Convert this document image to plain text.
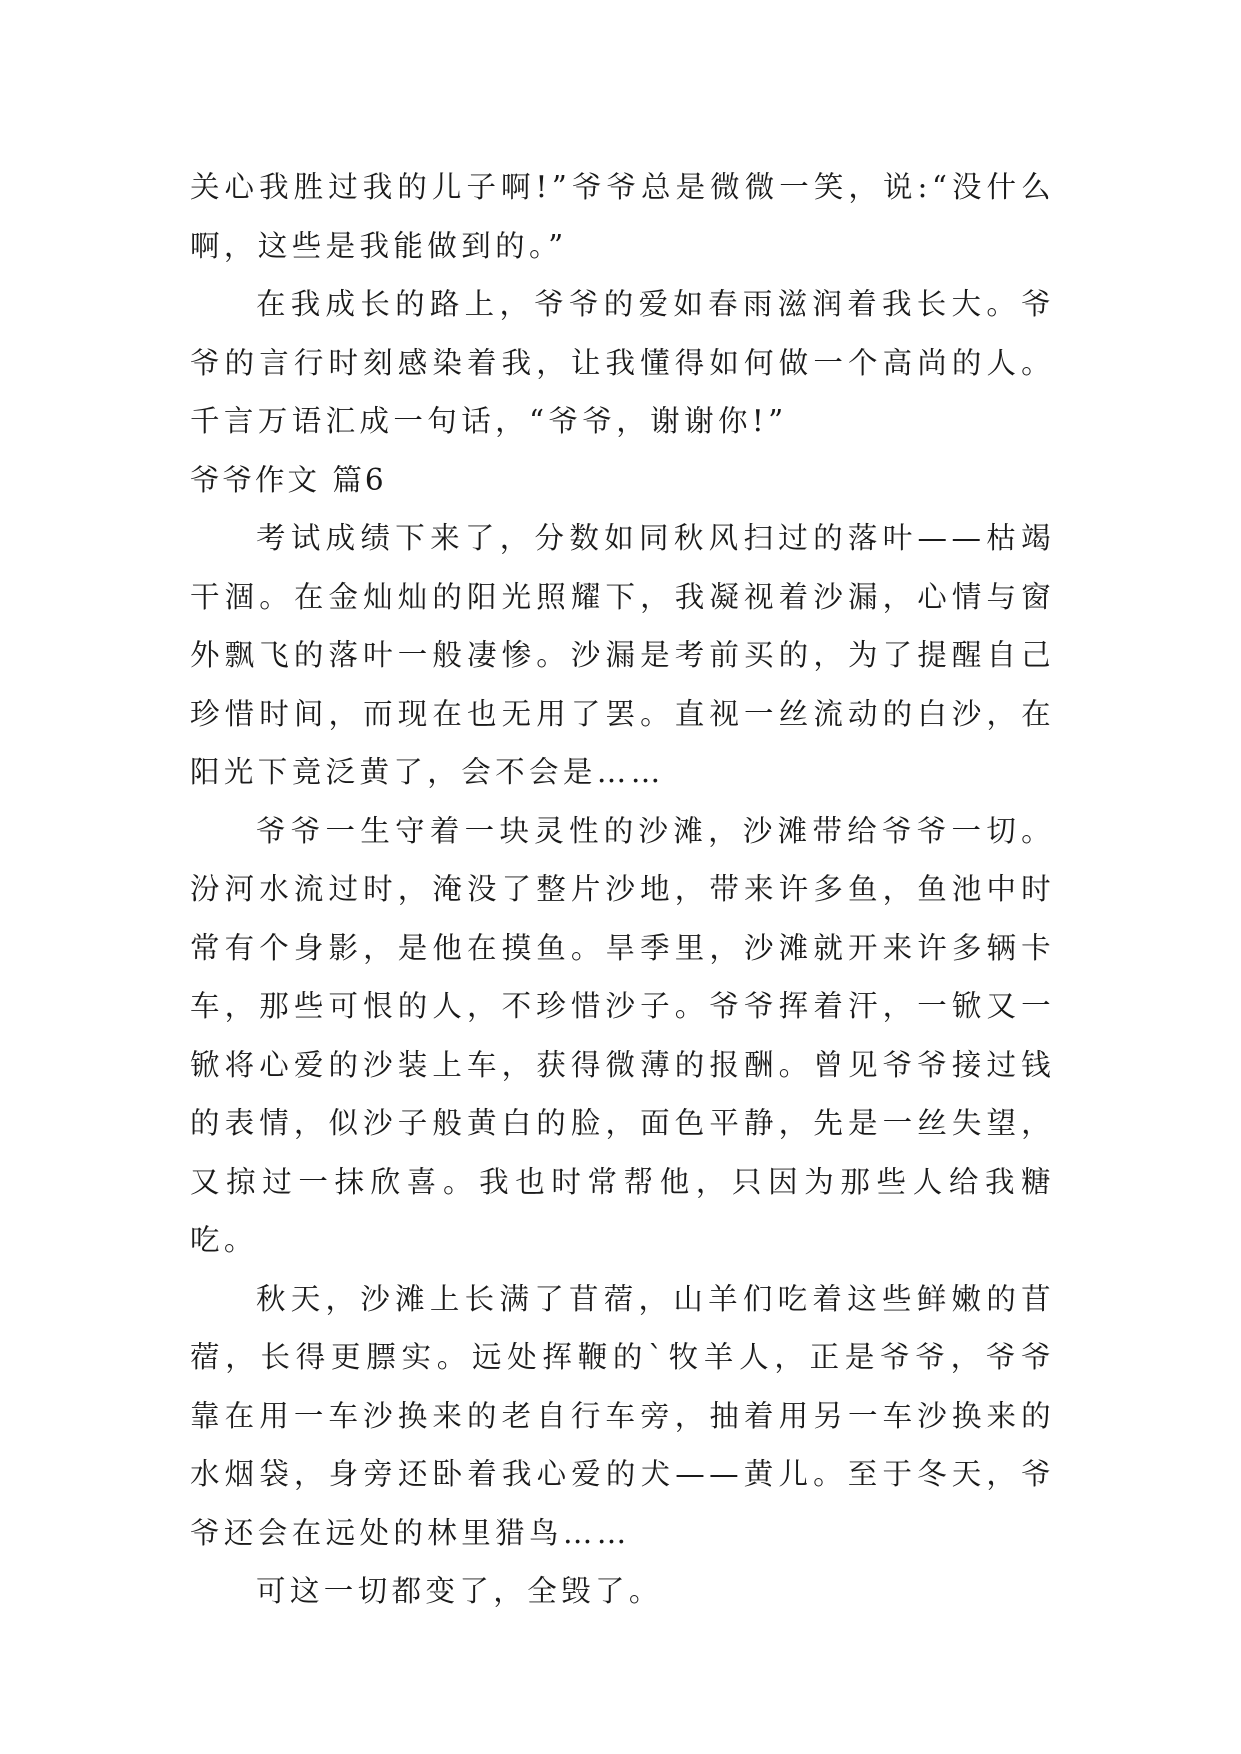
关心我胜过我的儿子啊!”爷爷总是微微一笑，说:“没什么啊，这些是我能做到的。”

在我成长的路上，爷爷的爱如春雨滋润着我长大。爷爷的言行时刻感染着我，让我懂得如何做一个高尚的人。千言万语汇成一句话，“爷爷，谢谢你!”

爷爷作文 篇6

考试成绩下来了，分数如同秋风扫过的落叶——枯竭干涸。在金灿灿的阳光照耀下，我凝视着沙漏，心情与窗外飘飞的落叶一般凄惨。沙漏是考前买的，为了提醒自己珍惜时间，而现在也无用了罢。直视一丝流动的白沙，在阳光下竟泛黄了，会不会是……

爷爷一生守着一块灵性的沙滩，沙滩带给爷爷一切。汾河水流过时，淹没了整片沙地，带来许多鱼，鱼池中时常有个身影，是他在摸鱼。旱季里，沙滩就开来许多辆卡车，那些可恨的人，不珍惜沙子。爷爷挥着汗，一锨又一锨将心爱的沙装上车，获得微薄的报酬。曾见爷爷接过钱的表情，似沙子般黄白的脸，面色平静，先是一丝失望，又掠过一抹欣喜。我也时常帮他，只因为那些人给我糖吃。

秋天，沙滩上长满了苜蓿，山羊们吃着这些鲜嫩的苜蓿，长得更膘实。远处挥鞭的`牧羊人，正是爷爷，爷爷靠在用一车沙换来的老自行车旁，抽着用另一车沙换来的水烟袋，身旁还卧着我心爱的犬——黄儿。至于冬天，爷爷还会在远处的林里猎鸟……

可这一切都变了，全毁了。
